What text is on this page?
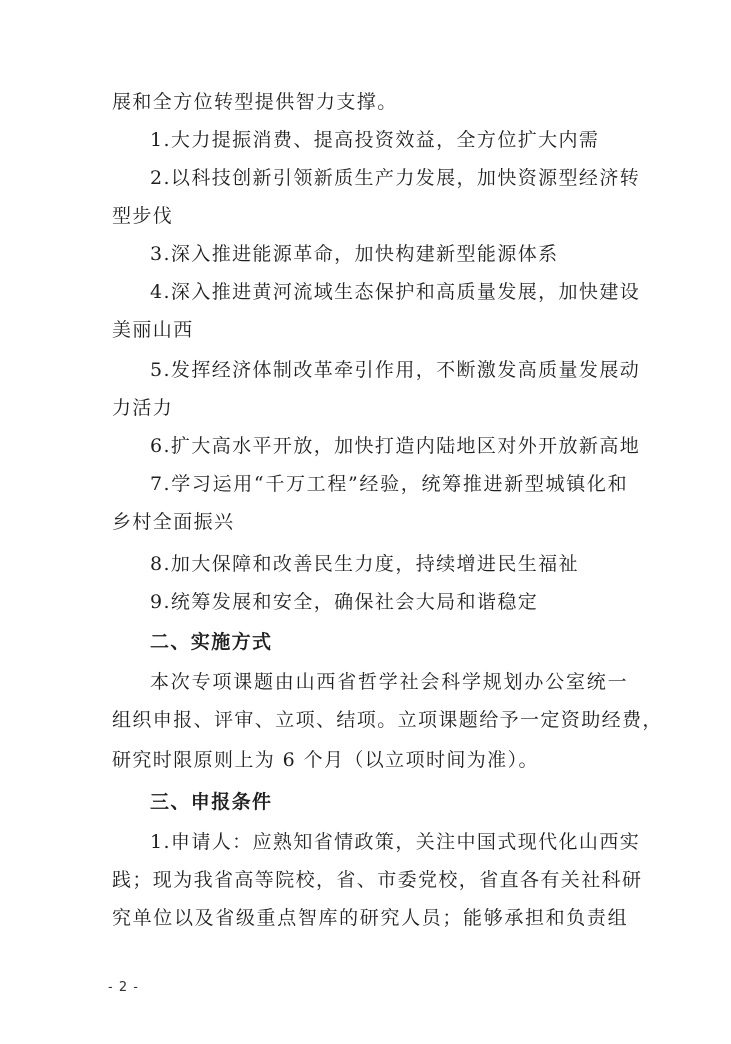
展和全方位转型提供智力支撑。
1.大力提振消费、提高投资效益，全方位扩大内需
2.以科技创新引领新质生产力发展，加快资源型经济转
型步伐
3.深入推进能源革命，加快构建新型能源体系
4.深入推进黄河流域生态保护和高质量发展，加快建设
美丽山西
5.发挥经济体制改革牵引作用，不断激发高质量发展动
力活力
6.扩大高水平开放，加快打造内陆地区对外开放新高地
7.学习运用“千万工程”经验，统筹推进新型城镇化和
乡村全面振兴
8.加大保障和改善民生力度，持续增进民生福祉
9.统筹发展和安全，确保社会大局和谐稳定
二、实施方式
本次专项课题由山西省哲学社会科学规划办公室统一
组织申报、评审、立项、结项。立项课题给予一定资助经费，
研究时限原则上为 6 个月（以立项时间为准）。
三、申报条件
1.申请人：应熟知省情政策，关注中国式现代化山西实
践；现为我省高等院校，省、市委党校，省直各有关社科研
究单位以及省级重点智库的研究人员；能够承担和负责组
- 2 -
